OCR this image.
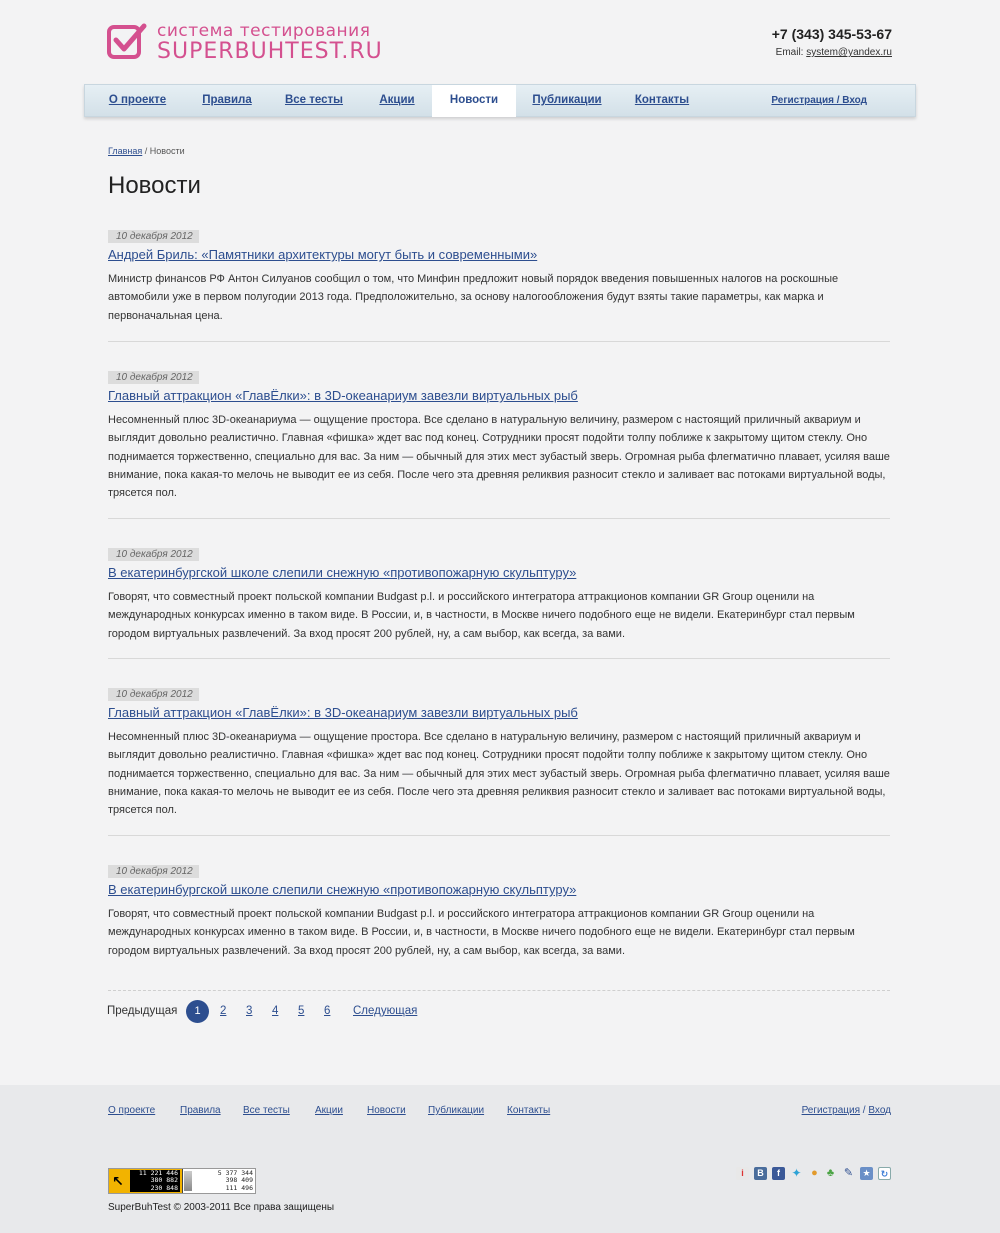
система тестирования
SUPERBUHTEST.RU
+7 (343) 345-53-67
Email: system@yandex.ru
О проекте	Правила	Все тесты	Акции	Новости	Публикации	Контакты	Регистрация / Вход
Главная / Новости
Новости
10 декабря 2012
Андрей Бриль: «Памятники архитектуры могут быть и современными»

Министр финансов РФ Антон Силуанов сообщил о том, что Минфин предложит новый порядок введения повышенных налогов на роскошные автомобили уже в первом полугодии 2013 года. Предположительно, за основу налогообложения будут взяты такие параметры, как марка и первоначальная цена.

10 декабря 2012
Главный аттракцион «ГлавЁлки»: в 3D-океанариум завезли виртуальных рыб

Несомненный плюс 3D-океанариума — ощущение простора. Все сделано в натуральную величину, размером с настоящий приличный аквариум и выглядит довольно реалистично. Главная «фишка» ждет вас под конец. Сотрудники просят подойти толпу поближе к закрытому щитом стеклу. Оно поднимается торжественно, специально для вас. За ним — обычный для этих мест зубастый зверь. Огромная рыба флегматично плавает, усиляя ваше внимание, пока какая-то мелочь не выводит ее из себя. После чего эта древняя реликвия разносит стекло и заливает вас потоками виртуальной воды, трясется пол.

10 декабря 2012
В екатеринбургской школе слепили снежную «противопожарную скульптуру»

Говорят, что совместный проект польской компании Budgast p.l. и российского интегратора аттракционов компании GR Group оценили на международных конкурсах именно в таком виде. В России, и, в частности, в Москве ничего подобного еще не видели. Екатеринбург стал первым городом виртуальных развлечений. За вход просят 200 рублей, ну, а сам выбор, как всегда, за вами.

10 декабря 2012
Главный аттракцион «ГлавЁлки»: в 3D-океанариум завезли виртуальных рыб

Несомненный плюс 3D-океанариума — ощущение простора. Все сделано в натуральную величину, размером с настоящий приличный аквариум и выглядит довольно реалистично. Главная «фишка» ждет вас под конец. Сотрудники просят подойти толпу поближе к закрытому щитом стеклу. Оно поднимается торжественно, специально для вас. За ним — обычный для этих мест зубастый зверь. Огромная рыба флегматично плавает, усиляя ваше внимание, пока какая-то мелочь не выводит ее из себя. После чего эта древняя реликвия разносит стекло и заливает вас потоками виртуальной воды, трясется пол.

10 декабря 2012
В екатеринбургской школе слепили снежную «противопожарную скульптуру»

Говорят, что совместный проект польской компании Budgast p.l. и российского интегратора аттракционов компании GR Group оценили на международных конкурсах именно в таком виде. В России, и, в частности, в Москве ничего подобного еще не видели. Екатеринбург стал первым городом виртуальных развлечений. За вход просят 200 рублей, ну, а сам выбор, как всегда, за вами.

Предыдущая	1	2 3 4 5 6 Следующая
О проекте Правила Все тесты	Акции Новости Публикации Контакты	Регистрация / Вход
↖	11 221 446
380 882
230 848
5 377 344
398 409
111 496
SuperBuhTest © 2003-2011 Все права защищены
i	В	f ✦ ● ♣ ✎ ★	↻
